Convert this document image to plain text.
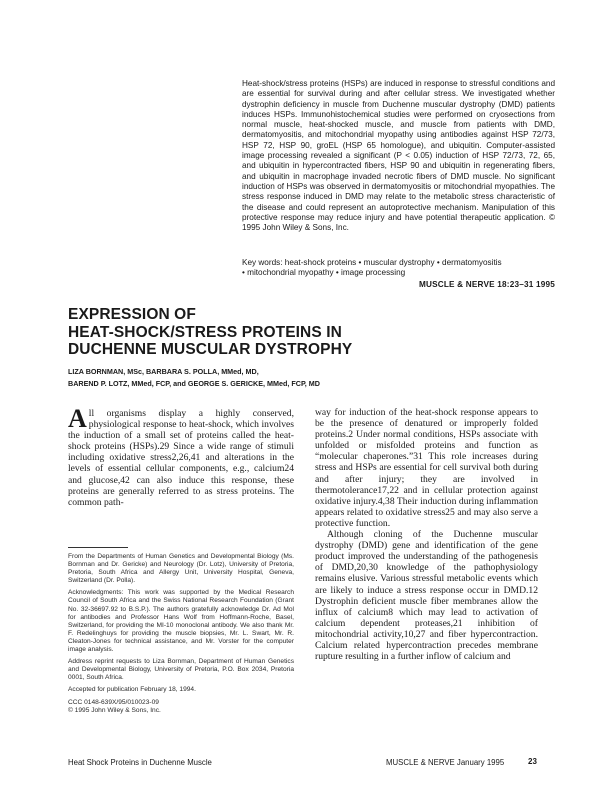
Heat-shock/stress proteins (HSPs) are induced in response to stressful conditions and are essential for survival during and after cellular stress. We investigated whether dystrophin deficiency in muscle from Duchenne muscular dystrophy (DMD) patients induces HSPs. Immunohistochemical studies were performed on cryosections from normal muscle, heat-shocked muscle, and muscle from patients with DMD, dermatomyositis, and mitochondrial myopathy using antibodies against HSP 72/73, HSP 72, HSP 90, groEL (HSP 65 homologue), and ubiquitin. Computer-assisted image processing revealed a significant (P < 0.05) induction of HSP 72/73, 72, 65, and ubiquitin in hypercontracted fibers, HSP 90 and ubiquitin in regenerating fibers, and ubiquitin in macrophage invaded necrotic fibers of DMD muscle. No significant induction of HSPs was observed in dermatomyositis or mitochondrial myopathies. The stress response induced in DMD may relate to the metabolic stress characteristic of the disease and could represent an autoprotective mechanism. Manipulation of this protective response may reduce injury and have potential therapeutic application. © 1995 John Wiley & Sons, Inc.
Key words: heat-shock proteins • muscular dystrophy • dermatomyositis
• mitochondrial myopathy • image processing
MUSCLE & NERVE 18:23–31 1995
EXPRESSION OF
HEAT-SHOCK/STRESS PROTEINS IN
DUCHENNE MUSCULAR DYSTROPHY
LIZA BORNMAN, MSc, BARBARA S. POLLA, MMed, MD,
BAREND P. LOTZ, MMed, FCP, and GEORGE S. GERICKE, MMed, FCP, MD

All organisms display a highly conserved, physiological response to heat-shock, which involves the induction of a small set of proteins called the heat-shock proteins (HSPs).29 Since a wide range of stimuli including oxidative stress2,26,41 and alterations in the levels of essential cellular components, e.g., calcium24 and glucose,42 can also induce this response, these proteins are generally referred to as stress proteins. The common path-

From the Departments of Human Genetics and Developmental Biology (Ms. Bornman and Dr. Gericke) and Neurology (Dr. Lotz), University of Pretoria, Pretoria, South Africa and Allergy Unit, University Hospital, Geneva, Switzerland (Dr. Polla).

Acknowledgments: This work was supported by the Medical Research Council of South Africa and the Swiss National Research Foundation (Grant No. 32-36697.92 to B.S.P.). The authors gratefully acknowledge Dr. Ad Mol for antibodies and Professor Hans Wolf from Hoffmann-Roche, Basel, Switzerland, for providing the MI-10 monoclonal antibody. We also thank Mr. F. Redelinghuys for providing the muscle biopsies, Mr. L. Swart, Mr. R. Cleaton-Jones for technical assistance, and Mr. Vorster for the computer image analysis.

Address reprint requests to Liza Bornman, Department of Human Genetics and Developmental Biology, University of Pretoria, P.O. Box 2034, Pretoria 0001, South Africa.

Accepted for publication February 18, 1994.

CCC 0148-639X/95/010023-09

© 1995 John Wiley & Sons, Inc.

way for induction of the heat-shock response appears to be the presence of denatured or improperly folded proteins.2 Under normal conditions, HSPs associate with unfolded or misfolded proteins and function as “molecular chaperones.”31 This role increases during stress and HSPs are essential for cell survival both during and after injury; they are involved in thermotolerance17,22 and in cellular protection against oxidative injury.4,38 Their induction during inflammation appears related to oxidative stress25 and may also serve a protective function.

Although cloning of the Duchenne muscular dystrophy (DMD) gene and identification of the gene product improved the understanding of the pathogenesis of DMD,20,30 knowledge of the pathophysiology remains elusive. Various stressful metabolic events which are likely to induce a stress response occur in DMD.12 Dystrophin deficient muscle fiber membranes allow the influx of calcium8 which may lead to activation of calcium dependent proteases,21 inhibition of mitochondrial activity,10,27 and fiber hypercontraction. Calcium related hypercontraction precedes membrane rupture resulting in a further inflow of calcium and

Heat Shock Proteins in Duchenne Muscle	MUSCLE & NERVE January 1995	23
